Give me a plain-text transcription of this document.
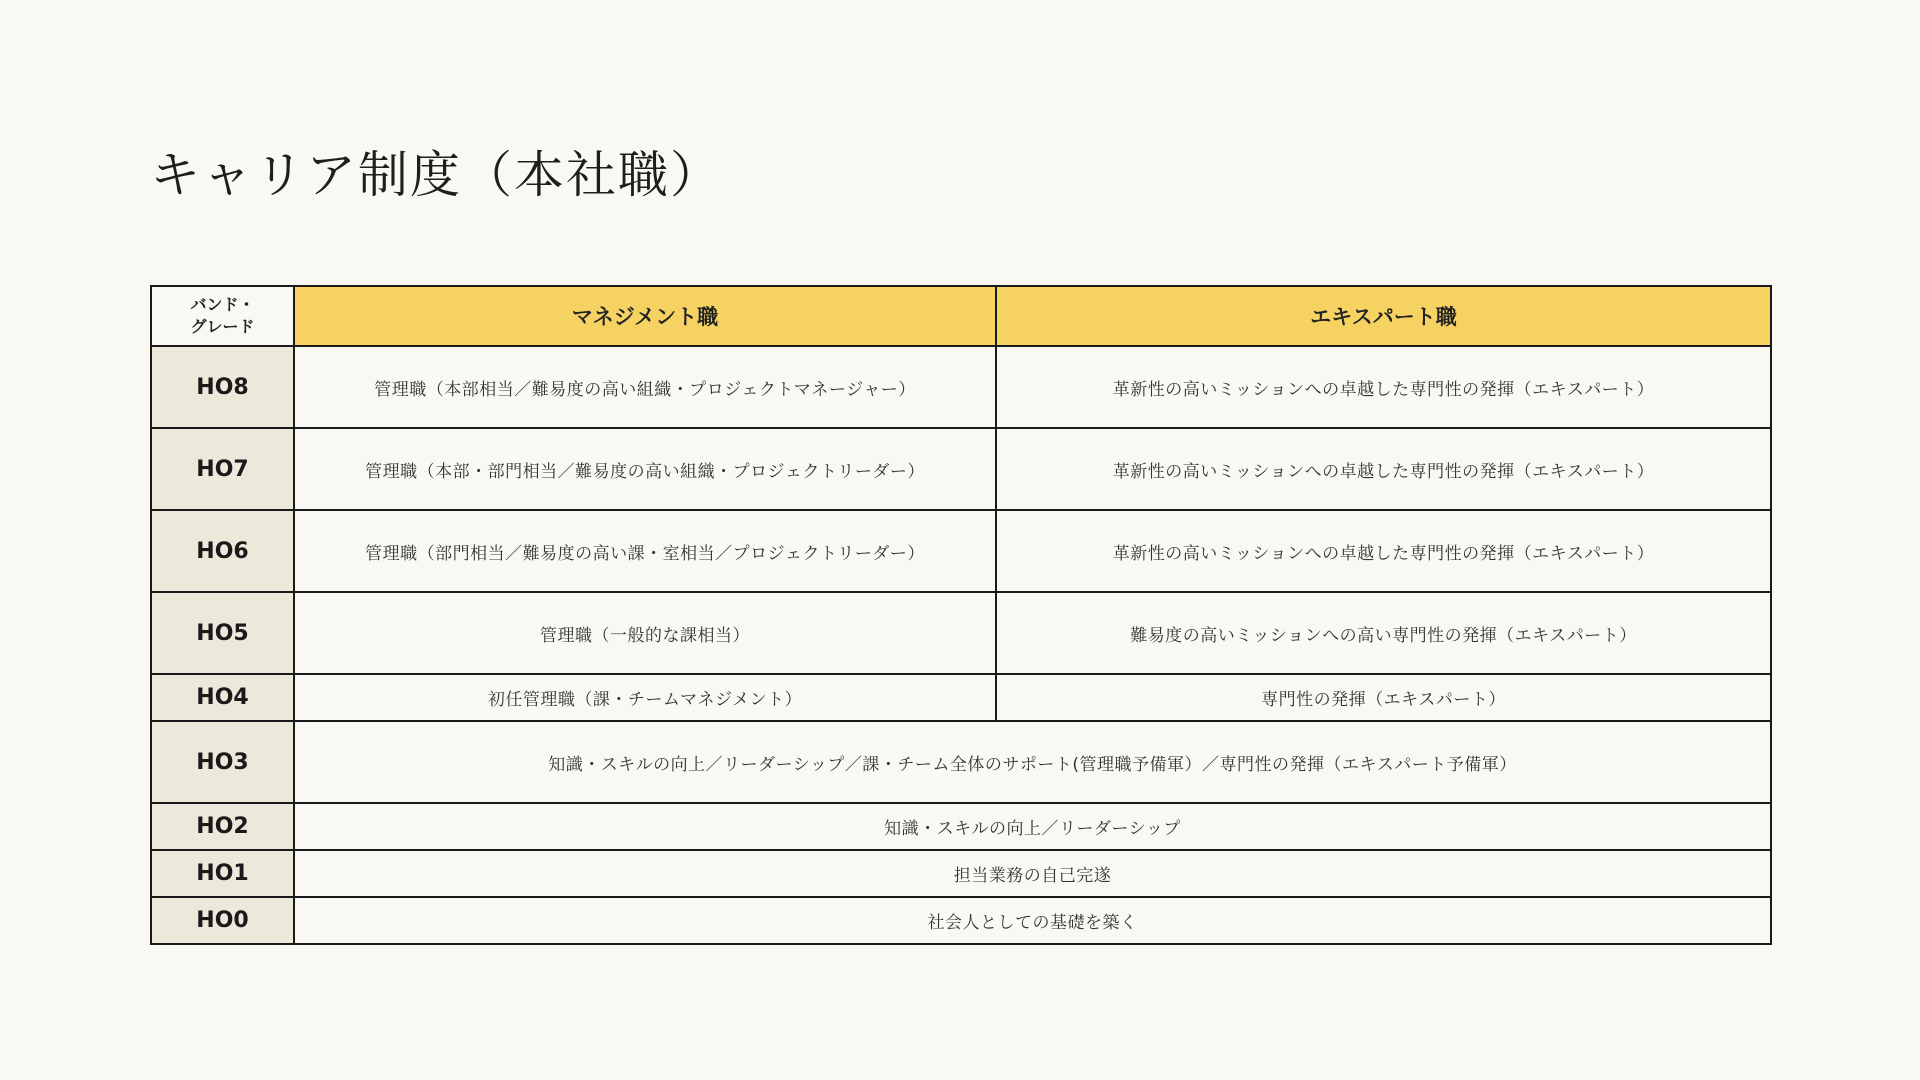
キャリア制度（本社職）
バンド・
グレード	マネジメント職	エキスパート職
HO8	管理職（本部相当／難易度の高い組織・プロジェクトマネージャー）	革新性の高いミッションへの卓越した専門性の発揮（エキスパート）
HO7	管理職（本部・部門相当／難易度の高い組織・プロジェクトリーダー）	革新性の高いミッションへの卓越した専門性の発揮（エキスパート）
HO6	管理職（部門相当／難易度の高い課・室相当／プロジェクトリーダー）	革新性の高いミッションへの卓越した専門性の発揮（エキスパート）
HO5	管理職（一般的な課相当）	難易度の高いミッションへの高い専門性の発揮（エキスパート）
HO4	初任管理職（課・チームマネジメント）	専門性の発揮（エキスパート）
HO3	知識・スキルの向上／リーダーシップ／課・チーム全体のサポート(管理職予備軍）／専門性の発揮（エキスパート予備軍）	
HO2	知識・スキルの向上／リーダーシップ	
HO1	担当業務の自己完遂	
HO0	社会人としての基礎を築く	
